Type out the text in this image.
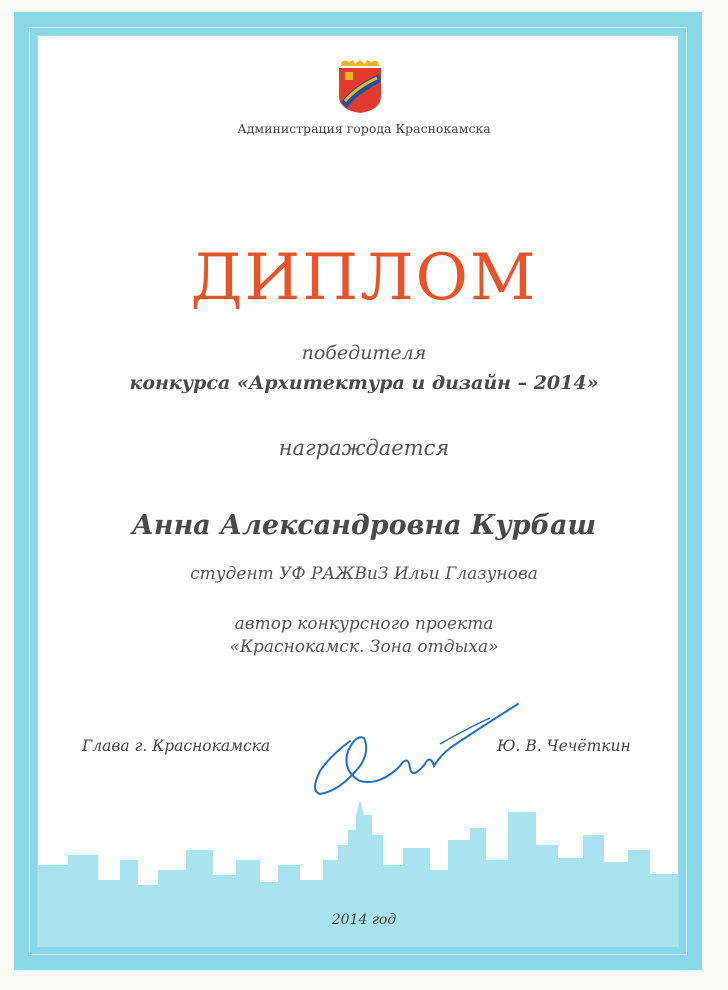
Администрация города Краснокамска
ДИПЛОМ
победителя
конкурса «Архитектура и дизайн – 2014»
награждается
Анна Александровна Курбаш
студент УФ РАЖВиЗ Ильи Глазунова
автор конкурсного проекта
«Краснокамск. Зона отдыха»
Глава г. Краснокамска	Ю. В. Чечёткин
2014 год
